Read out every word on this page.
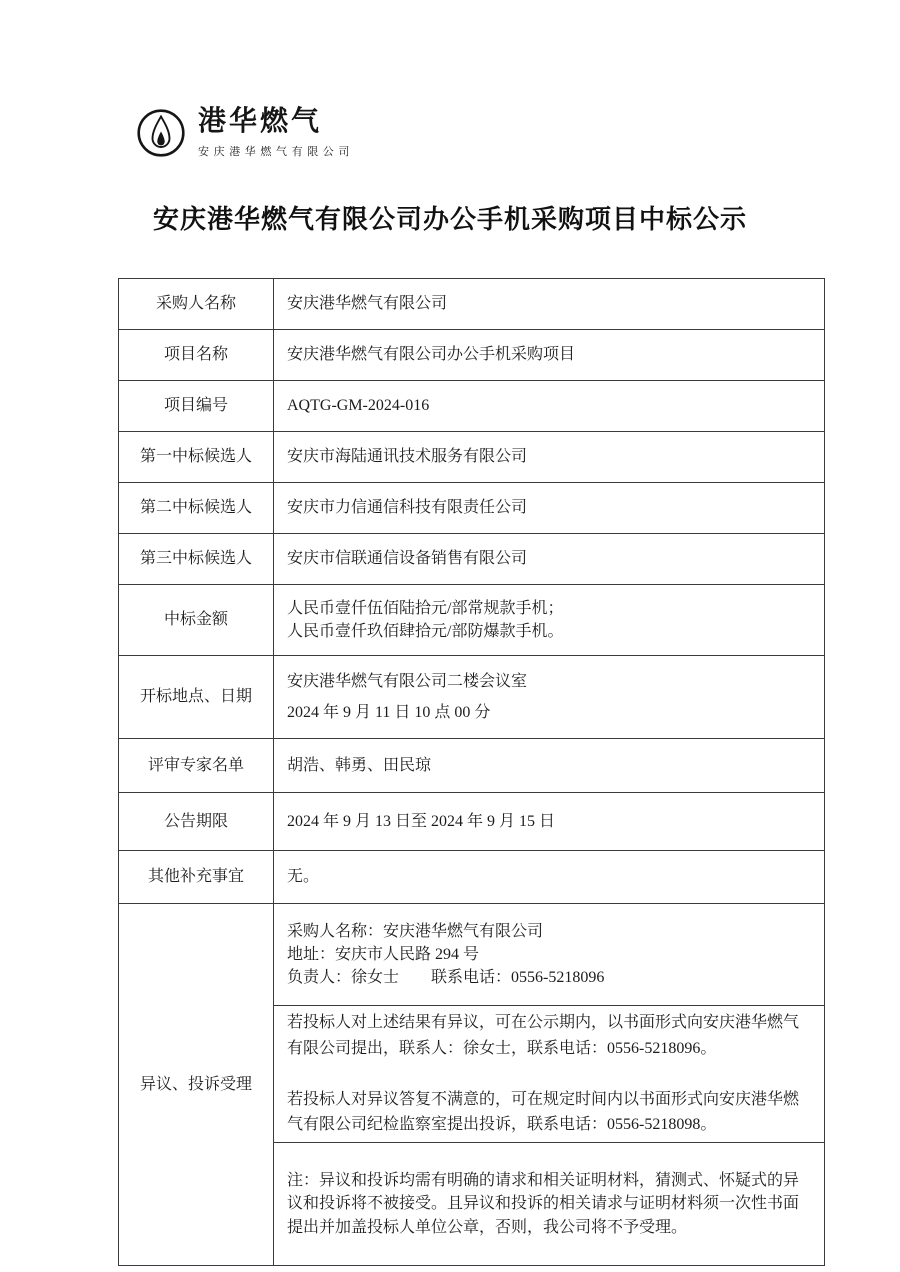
港华燃气
安庆港华燃气有限公司
安庆港华燃气有限公司办公手机采购项目中标公示
采购人名称	安庆港华燃气有限公司
项目名称	安庆港华燃气有限公司办公手机采购项目
项目编号	AQTG-GM-2024-016
第一中标候选人	安庆市海陆通讯技术服务有限公司
第二中标候选人	安庆市力信通信科技有限责任公司
第三中标候选人	安庆市信联通信设备销售有限公司
中标金额	人民币壹仟伍佰陆拾元/部常规款手机；
人民币壹仟玖佰肆拾元/部防爆款手机。

开标地点、日期	安庆港华燃气有限公司二楼会议室
2024 年 9 月 11 日 10 点 00 分

评审专家名单	胡浩、韩勇、田民琼
公告期限	2024 年 9 月 13 日至 2024 年 9 月 15 日
其他补充事宜	无。
异议、投诉受理	采购人名称：安庆港华燃气有限公司
地址：安庆市人民路 294 号
负责人：徐女士　　联系电话：0556-5218096

	若投标人对上述结果有异议，可在公示期内，以书面形式向安庆港华燃气有限公司提出，联系人：徐女士，联系电话：0556-5218096。

若投标人对异议答复不满意的，可在规定时间内以书面形式向安庆港华燃气有限公司纪检监察室提出投诉，联系电话：0556-5218098。

	注：异议和投诉均需有明确的请求和相关证明材料，猜测式、怀疑式的异议和投诉将不被接受。且异议和投诉的相关请求与证明材料须一次性书面提出并加盖投标人单位公章，否则，我公司将不予受理。
